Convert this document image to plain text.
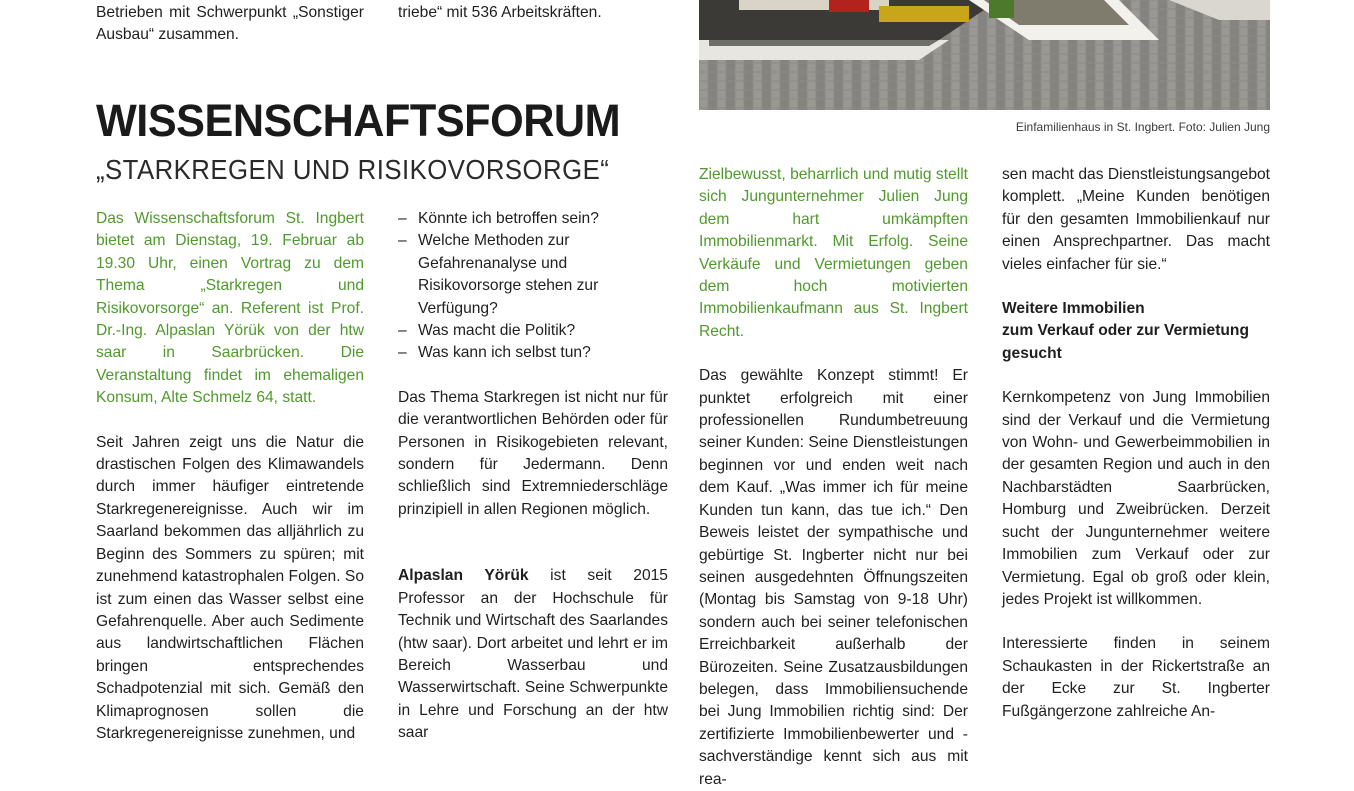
Betrieben mit Schwerpunkt „Sonstiger
Ausbau“ zusammen.
triebe“ mit 536 Arbeitskräften.
WISSENSCHAFTSFORUM
„STARKREGEN UND RISIKOVORSORGE“

Das Wissenschaftsforum St. Ingbert bietet am Dienstag, 19. Februar ab 19.30 Uhr, einen Vortrag zu dem Thema „Starkregen und Risikovorsorge“ an. Referent ist Prof. Dr.-Ing. Alpaslan Yörük von der htw saar in Saarbrücken. Die Veranstaltung findet im ehemaligen Konsum, Alte Schmelz 64, statt.

Seit Jahren zeigt uns die Natur die drastischen Folgen des Klimawandels durch immer häufiger eintretende Starkregenereignisse. Auch wir im Saarland bekommen das alljährlich zu Beginn des Sommers zu spüren; mit zunehmend katastrophalen Folgen. So ist zum einen das Wasser selbst eine Gefahrenquelle. Aber auch Sedimente aus landwirtschaftlichen Flächen bringen entsprechendes Schadpotenzial mit sich. Gemäß den Klimaprognosen sollen die Starkregenereignisse zunehmen, und

– Könnte ich betroffen sein?
– Welche Methoden zur Gefahrenanalyse und Risikovorsorge stehen zur Verfügung?
– Was macht die Politik?
– Was kann ich selbst tun?

Das Thema Starkregen ist nicht nur für die verantwortlichen Behörden oder für Personen in Risikogebieten relevant, sondern für Jedermann. Denn schließlich sind Extremniederschläge prinzipiell in allen Regionen möglich.

Alpaslan Yörük ist seit 2015 Professor an der Hochschule für Technik und Wirtschaft des Saarlandes (htw saar). Dort arbeitet und lehrt er im Bereich Wasserbau und Wasserwirtschaft. Seine Schwerpunkte in Lehre und Forschung an der htw saar

Einfamilienhaus in St. Ingbert. Foto: Julien Jung

Zielbewusst, beharrlich und mutig stellt sich Jungunternehmer Julien Jung dem hart umkämpften Immobilienmarkt. Mit Erfolg. Seine Verkäufe und Vermietungen geben dem hoch motivierten Immobilienkaufmann aus St. Ingbert Recht.

Das gewählte Konzept stimmt! Er punktet erfolgreich mit einer professionellen Rundumbetreuung seiner Kunden: Seine Dienstleistungen beginnen vor und enden weit nach dem Kauf. „Was immer ich für meine Kunden tun kann, das tue ich.“ Den Beweis leistet der sympathische und gebürtige St. Ingberter nicht nur bei seinen ausgedehnten Öffnungszeiten (Montag bis Samstag von 9-18 Uhr) sondern auch bei seiner telefonischen Erreichbarkeit außerhalb der Bürozeiten. Seine Zusatzausbildungen belegen, dass Immobiliensuchende bei Jung Immobilien richtig sind: Der zertifizierte Immobilienbewerter und -sachverständige kennt sich aus mit rea-

sen macht das Dienstleistungsangebot komplett. „Meine Kunden benötigen für den gesamten Immobilienkauf nur einen Ansprechpartner. Das macht vieles einfacher für sie.“

Weitere Immobilien
zum Verkauf oder zur Vermietung
gesucht

Kernkompetenz von Jung Immobilien sind der Verkauf und die Vermietung von Wohn- und Gewerbeimmobilien in der gesamten Region und auch in den Nachbarstädten Saarbrücken, Homburg und Zweibrücken. Derzeit sucht der Jungunternehmer weitere Immobilien zum Verkauf oder zur Vermietung. Egal ob groß oder klein, jedes Projekt ist willkommen.

Interessierte finden in seinem Schaukasten in der Rickertstraße an der Ecke zur St. Ingberter Fußgängerzone zahlreiche An-
